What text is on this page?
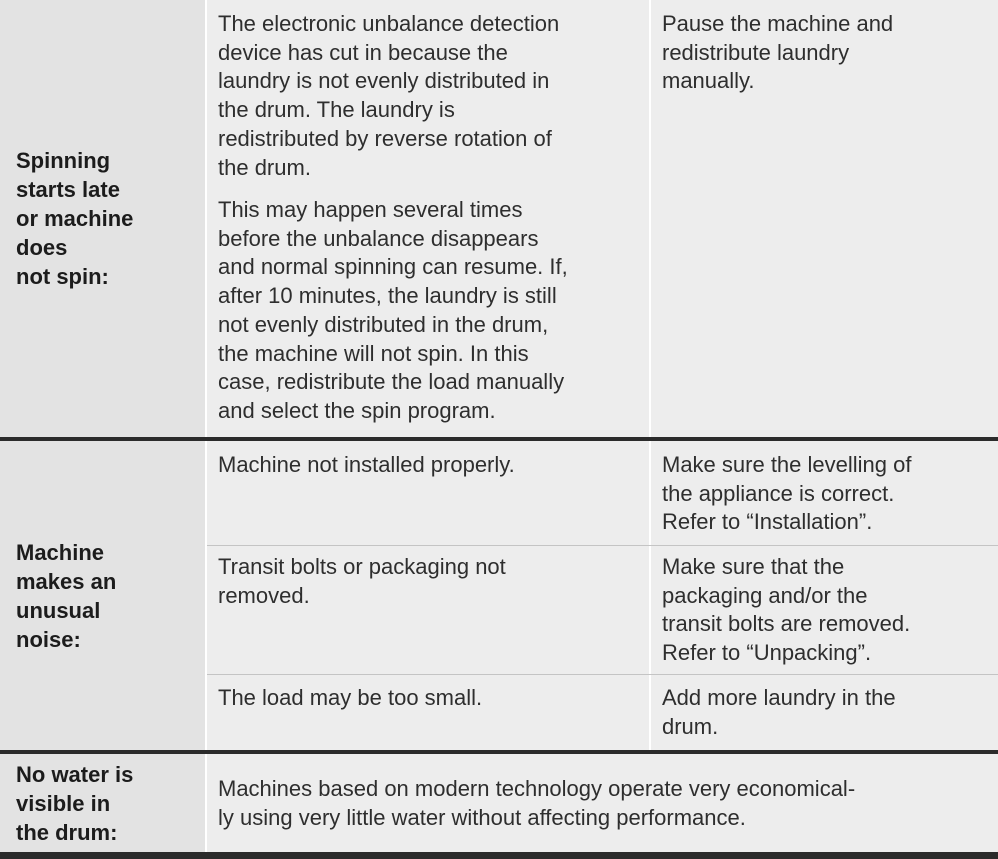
Spinning
starts late
or machine
does
not spin:
The electronic unbalance detection
device has cut in because the
laundry is not evenly distributed in
the drum. The laundry is
redistributed by reverse rotation of
the drum.
This may happen several times
before the unbalance disappears
and normal spinning can resume. If,
after 10 minutes, the laundry is still
not evenly distributed in the drum,
the machine will not spin. In this
case, redistribute the load manually
and select the spin program.
Pause the machine and
redistribute laundry
manually.
Machine
makes an
unusual
noise:
Machine not installed properly.	Make sure the levelling of
the appliance is correct.
Refer to “Installation”.
Transit bolts or packaging not
removed.
Make sure that the
packaging and/or the
transit bolts are removed.
Refer to “Unpacking”.
The load may be too small.	Add more laundry in the
drum.
No water is
visible in
the drum:
Machines based on modern technology operate very economical-
ly using very little water without affecting performance.
